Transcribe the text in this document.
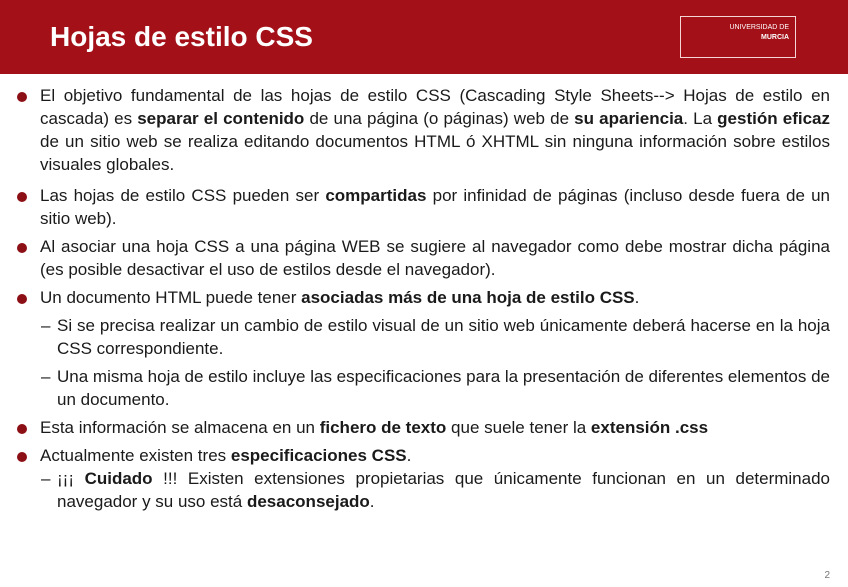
Hojas de estilo CSS	UNIVERSIDAD DE
MURCIA
El objetivo fundamental de las hojas de estilo CSS (Cascading Style Sheets--> Hojas de estilo en cascada) es separar el contenido de una página (o páginas) web de su apariencia. La gestión eficaz de un sitio web se realiza editando documentos HTML ó XHTML sin ninguna información sobre estilos visuales globales.
Las hojas de estilo CSS pueden ser compartidas por infinidad de páginas (incluso desde fuera de un sitio web).
Al asociar una hoja CSS a una página WEB se sugiere al navegador como debe mostrar dicha página (es posible desactivar el uso de estilos desde el navegador).
Un documento HTML puede tener asociadas más de una hoja de estilo CSS.
– Si se precisa realizar un cambio de estilo visual de un sitio web únicamente deberá hacerse en la hoja CSS correspondiente.
– Una misma hoja de estilo incluye las especificaciones para la presentación de diferentes elementos de un documento.
Esta información se almacena en un fichero de texto que suele tener la extensión .css
Actualmente existen tres especificaciones CSS.
– ¡¡¡ Cuidado !!! Existen extensiones propietarias que únicamente funcionan en un determinado navegador y su uso está desaconsejado.
2
